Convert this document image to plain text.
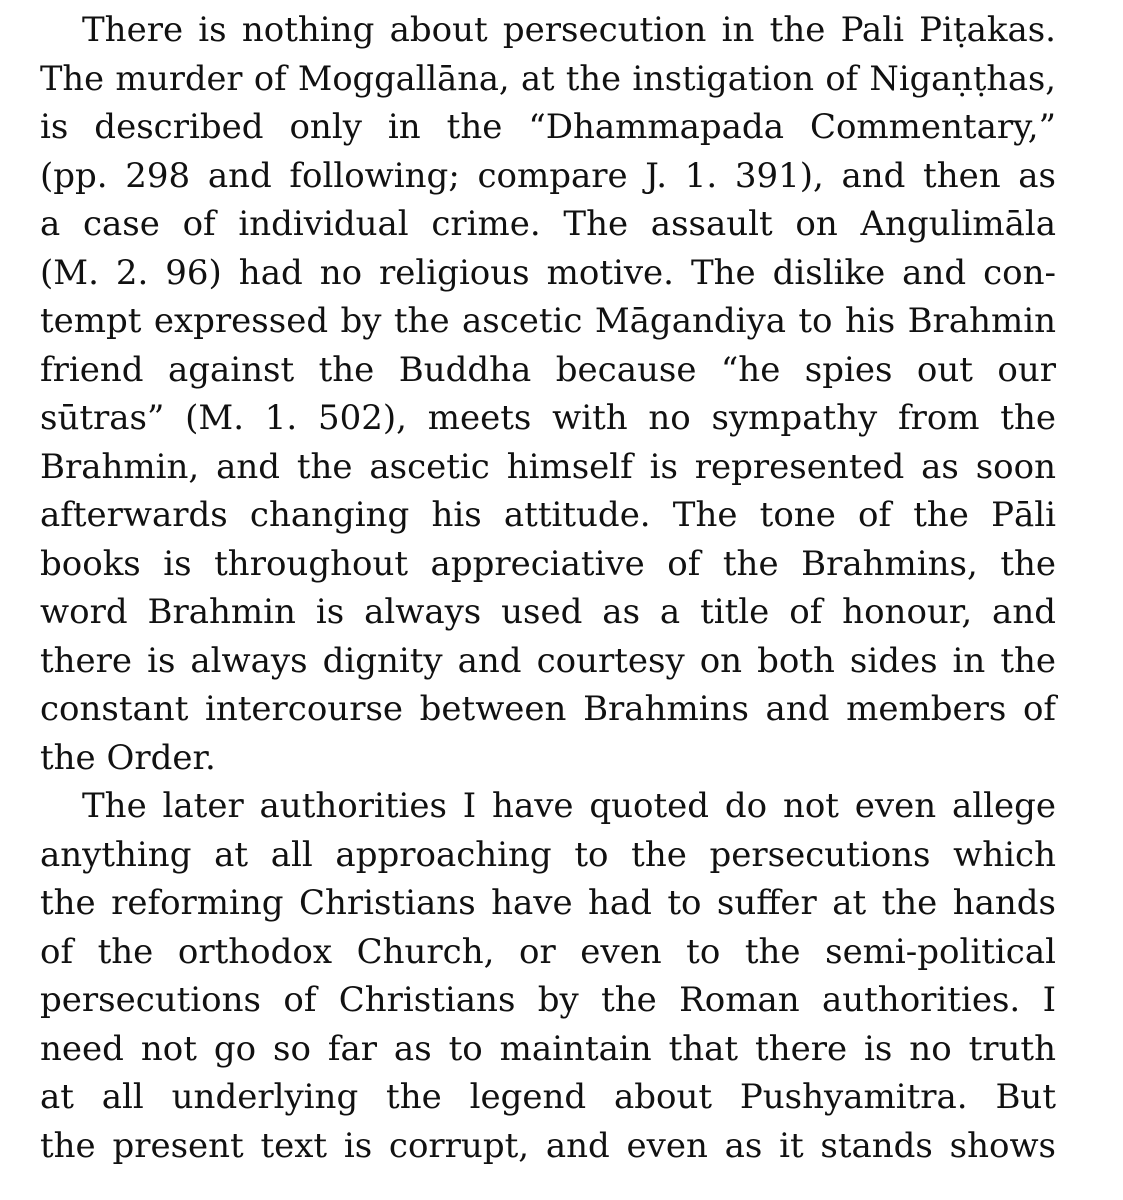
There is nothing about persecution in the Pali Piṭakas.
The murder of Moggallāna, at the instigation of Nigaṇṭhas,
is described only in the “Dhammapada Commentary,”
(pp. 298 and following; compare J. 1. 391), and then as
a case of individual crime. The assault on Angulimāla
(M. 2. 96) had no religious motive. The dislike and con-
tempt expressed by the ascetic Māgandiya to his Brahmin
friend against the Buddha because “he spies out our
sūtras” (M. 1. 502), meets with no sympathy from the
Brahmin, and the ascetic himself is represented as soon
afterwards changing his attitude. The tone of the Pāli
books is throughout appreciative of the Brahmins, the
word Brahmin is always used as a title of honour, and
there is always dignity and courtesy on both sides in the
constant intercourse between Brahmins and members of
the Order.
The later authorities I have quoted do not even allege
anything at all approaching to the persecutions which
the reforming Christians have had to suffer at the hands
of the orthodox Church, or even to the semi-political
persecutions of Christians by the Roman authorities. I
need not go so far as to maintain that there is no truth
at all underlying the legend about Pushyamitra. But
the present text is corrupt, and even as it stands shows
